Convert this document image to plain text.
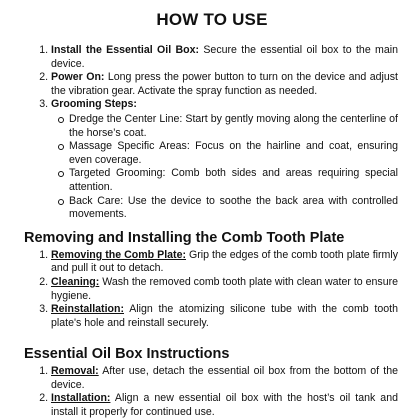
HOW TO USE
1. Install the Essential Oil Box: Secure the essential oil box to the main device.
2. Power On: Long press the power button to turn on the device and adjust the vibration gear. Activate the spray function as needed.
3. Grooming Steps:
Dredge the Center Line: Start by gently moving along the centerline of the horse’s coat.
Massage Specific Areas: Focus on the hairline and coat, ensuring even coverage.
Targeted Grooming: Comb both sides and areas requiring special attention.
Back Care: Use the device to soothe the back area with controlled movements.
Removing and Installing the Comb Tooth Plate
1. Removing the Comb Plate: Grip the edges of the comb tooth plate firmly and pull it out to detach.
2. Cleaning: Wash the removed comb tooth plate with clean water to ensure hygiene.
3. Reinstallation: Align the atomizing silicone tube with the comb tooth plate's hole and reinstall securely.
Essential Oil Box Instructions
1. Removal: After use, detach the essential oil box from the bottom of the device.
2. Installation: Align a new essential oil box with the host’s oil tank and install it properly for continued use.
